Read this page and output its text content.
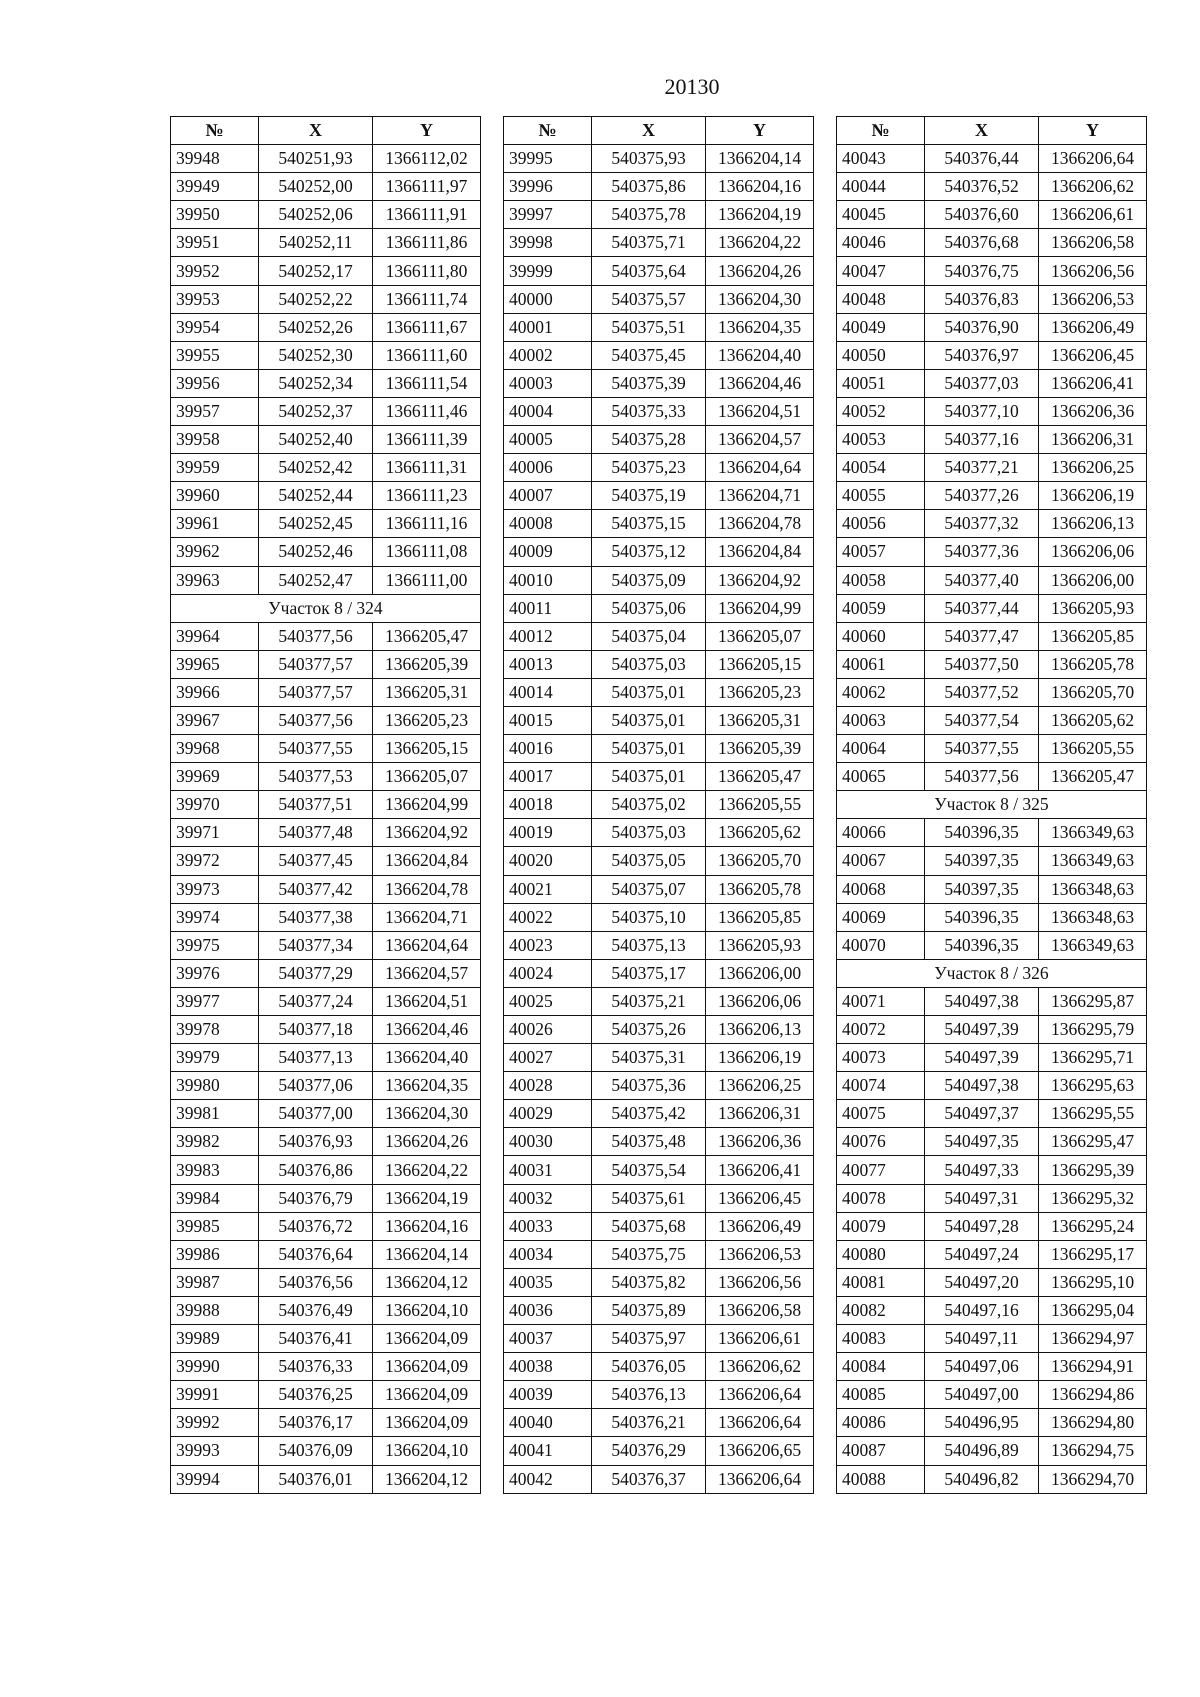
20130
№	X	Y
39948	540251,93	1366112,02
39949	540252,00	1366111,97
39950	540252,06	1366111,91
39951	540252,11	1366111,86
39952	540252,17	1366111,80
39953	540252,22	1366111,74
39954	540252,26	1366111,67
39955	540252,30	1366111,60
39956	540252,34	1366111,54
39957	540252,37	1366111,46
39958	540252,40	1366111,39
39959	540252,42	1366111,31
39960	540252,44	1366111,23
39961	540252,45	1366111,16
39962	540252,46	1366111,08
39963	540252,47	1366111,00
Участок 8 / 324		
39964	540377,56	1366205,47
39965	540377,57	1366205,39
39966	540377,57	1366205,31
39967	540377,56	1366205,23
39968	540377,55	1366205,15
39969	540377,53	1366205,07
39970	540377,51	1366204,99
39971	540377,48	1366204,92
39972	540377,45	1366204,84
39973	540377,42	1366204,78
39974	540377,38	1366204,71
39975	540377,34	1366204,64
39976	540377,29	1366204,57
39977	540377,24	1366204,51
39978	540377,18	1366204,46
39979	540377,13	1366204,40
39980	540377,06	1366204,35
39981	540377,00	1366204,30
39982	540376,93	1366204,26
39983	540376,86	1366204,22
39984	540376,79	1366204,19
39985	540376,72	1366204,16
39986	540376,64	1366204,14
39987	540376,56	1366204,12
39988	540376,49	1366204,10
39989	540376,41	1366204,09
39990	540376,33	1366204,09
39991	540376,25	1366204,09
39992	540376,17	1366204,09
39993	540376,09	1366204,10
39994	540376,01	1366204,12
№	X	Y
39995	540375,93	1366204,14
39996	540375,86	1366204,16
39997	540375,78	1366204,19
39998	540375,71	1366204,22
39999	540375,64	1366204,26
40000	540375,57	1366204,30
40001	540375,51	1366204,35
40002	540375,45	1366204,40
40003	540375,39	1366204,46
40004	540375,33	1366204,51
40005	540375,28	1366204,57
40006	540375,23	1366204,64
40007	540375,19	1366204,71
40008	540375,15	1366204,78
40009	540375,12	1366204,84
40010	540375,09	1366204,92
40011	540375,06	1366204,99
40012	540375,04	1366205,07
40013	540375,03	1366205,15
40014	540375,01	1366205,23
40015	540375,01	1366205,31
40016	540375,01	1366205,39
40017	540375,01	1366205,47
40018	540375,02	1366205,55
40019	540375,03	1366205,62
40020	540375,05	1366205,70
40021	540375,07	1366205,78
40022	540375,10	1366205,85
40023	540375,13	1366205,93
40024	540375,17	1366206,00
40025	540375,21	1366206,06
40026	540375,26	1366206,13
40027	540375,31	1366206,19
40028	540375,36	1366206,25
40029	540375,42	1366206,31
40030	540375,48	1366206,36
40031	540375,54	1366206,41
40032	540375,61	1366206,45
40033	540375,68	1366206,49
40034	540375,75	1366206,53
40035	540375,82	1366206,56
40036	540375,89	1366206,58
40037	540375,97	1366206,61
40038	540376,05	1366206,62
40039	540376,13	1366206,64
40040	540376,21	1366206,64
40041	540376,29	1366206,65
40042	540376,37	1366206,64
№	X	Y
40043	540376,44	1366206,64
40044	540376,52	1366206,62
40045	540376,60	1366206,61
40046	540376,68	1366206,58
40047	540376,75	1366206,56
40048	540376,83	1366206,53
40049	540376,90	1366206,49
40050	540376,97	1366206,45
40051	540377,03	1366206,41
40052	540377,10	1366206,36
40053	540377,16	1366206,31
40054	540377,21	1366206,25
40055	540377,26	1366206,19
40056	540377,32	1366206,13
40057	540377,36	1366206,06
40058	540377,40	1366206,00
40059	540377,44	1366205,93
40060	540377,47	1366205,85
40061	540377,50	1366205,78
40062	540377,52	1366205,70
40063	540377,54	1366205,62
40064	540377,55	1366205,55
40065	540377,56	1366205,47
Участок 8 / 325		
40066	540396,35	1366349,63
40067	540397,35	1366349,63
40068	540397,35	1366348,63
40069	540396,35	1366348,63
40070	540396,35	1366349,63
Участок 8 / 326		
40071	540497,38	1366295,87
40072	540497,39	1366295,79
40073	540497,39	1366295,71
40074	540497,38	1366295,63
40075	540497,37	1366295,55
40076	540497,35	1366295,47
40077	540497,33	1366295,39
40078	540497,31	1366295,32
40079	540497,28	1366295,24
40080	540497,24	1366295,17
40081	540497,20	1366295,10
40082	540497,16	1366295,04
40083	540497,11	1366294,97
40084	540497,06	1366294,91
40085	540497,00	1366294,86
40086	540496,95	1366294,80
40087	540496,89	1366294,75
40088	540496,82	1366294,70
